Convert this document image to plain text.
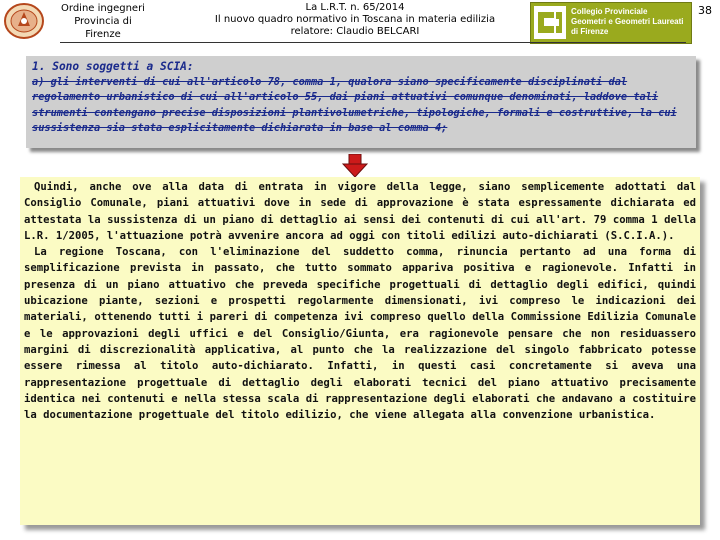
Ordine ingegneri
Provincia di
Firenze
La L.R.T. n. 65/2014
Il nuovo quadro normativo in Toscana in materia edilizia
relatore: Claudio BELCARI
Collegio Provinciale
Geometri e Geometri Laureati
di Firenze
38
1. Sono soggetti a SCIA:
a) gli interventi di cui all'articolo 78, comma 1, qualora siano specificamente disciplinati dal regolamento urbanistico di cui all'articolo 55, dai piani attuativi comunque denominati, laddove tali strumenti contengano precise disposizioni plantivolumetriche, tipologiche, formali e costruttive, la cui sussistenza sia stata esplicitamente dichiarata in base al comma 4;

Quindi, anche ove alla data di entrata in vigore della legge, siano semplicemente adottati dal Consiglio Comunale, piani attuativi dove in sede di approvazione è stata espressamente dichiarata ed attestata la sussistenza di un piano di dettaglio ai sensi dei contenuti di cui all'art. 79 comma 1 della L.R. 1/2005, l'attuazione potrà avvenire ancora ad oggi con titoli edilizi auto-dichiarati (S.C.I.A.).

La regione Toscana, con l'eliminazione del suddetto comma, rinuncia pertanto ad una forma di semplificazione prevista in passato, che tutto sommato appariva positiva e ragionevole. Infatti in presenza di un piano attuativo che preveda specifiche progettuali di dettaglio degli edifici, quindi ubicazione piante, sezioni e prospetti regolarmente dimensionati, ivi compreso le indicazioni dei materiali, ottenendo tutti i pareri di competenza ivi compreso quello della Commissione Edilizia Comunale e le approvazioni degli uffici e del Consiglio/Giunta, era ragionevole pensare che non residuassero margini di discrezionalità applicativa, al punto che la realizzazione del singolo fabbricato potesse essere rimessa al titolo auto-dichiarato. Infatti, in questi casi concretamente si aveva una rappresentazione progettuale di dettaglio degli elaborati tecnici del piano attuativo precisamente identica nei contenuti e nella stessa scala di rappresentazione degli elaborati che andavano a costituire la documentazione progettuale del titolo edilizio, che viene allegata alla convenzione urbanistica.
